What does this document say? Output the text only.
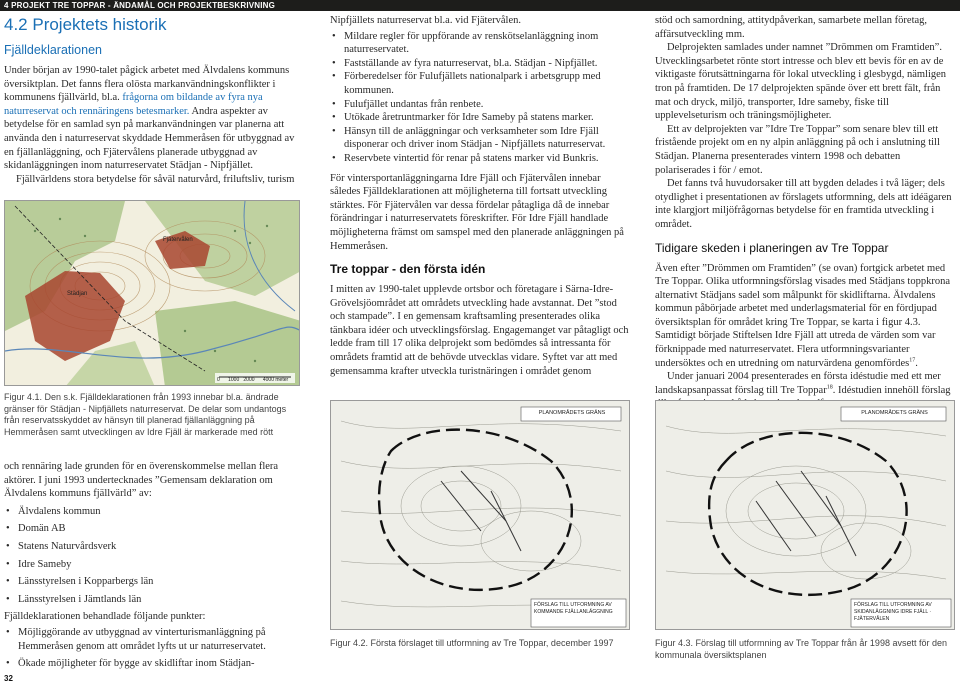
4 PROJEKT TRE TOPPAR - ÄNDAMÅL OCH PROJEKTBESKRIVNING
4.2 Projektets historik
Fjälldeklarationen

Under början av 1990-talet pågick arbetet med Älvdalens kommuns översiktplan. Det fanns flera olösta markanvändningskonflikter i kommunens fjällvärld, bl.a. frågorna om bildande av fyra nya naturreservat och rennäringens betesmarker. Andra aspekter av betydelse för en samlad syn på markanvändningen var planerna att använda den i naturreservat skyddade Hemmeråsen för utbyggnad av en fjällanläggning, och Fjätervålens planerade utbyggnad av skidanläggningen inom naturreservatet Städjan - Nipfjället.

Fjällvärldens stora betydelse för såväl naturvård, friluftsliv, turism

Fjätervålen
Städjan
0      1000   2000      4000 meter
Figur 4.1. Den s.k. Fjälldeklarationen från 1993 innebar bl.a. ändrade gränser för Städjan - Nipfjällets naturreservat. De delar som undantogs från reservatsskyddet av hänsyn till planerad fjällanläggning på Hemmeråsen samt utvecklingen av Idre Fjäll är markerade med rött

och rennäring lade grunden för en överenskommelse mellan flera aktörer. I juni 1993 undertecknades ”Gemensam deklaration om Älvdalens kommuns fjällvärld” av:

• Älvdalens kommun
• Domän AB
• Statens Naturvårdsverk
• Idre Sameby
• Länsstyrelsen i Kopparbergs län
• Länsstyrelsen i Jämtlands län

Fjälldeklarationen behandlade följande punkter:

• Möjliggörande av utbyggnad av vinterturismanläggning på Hemmeråsen genom att området lyfts ut ur naturreservatet.
• Ökade möjligheter för bygge av skidliftar inom Städjan-

Nipfjällets naturreservat bl.a. vid Fjätervålen.

• Mildare regler för uppförande av renskötselanläggning inom naturreservatet.
• Fastställande av fyra naturreservat, bl.a. Städjan - Nipfjället.
• Förberedelser för Fulufjällets nationalpark i arbetsgrupp med kommunen.
• Fulufjället undantas från renbete.
• Utökade åretruntmarker för Idre Sameby på statens marker.
• Hänsyn till de anläggningar och verksamheter som Idre Fjäll disponerar och driver inom Städjan - Nipfjällets naturreservat.
• Reservbete vintertid för renar på statens marker vid Bunkris.

För vintersportanläggningarna Idre Fjäll och Fjätervålen innebar således Fjälldeklarationen att möjligheterna till fortsatt utveckling stärktes. För Fjätervålen var dessa fördelar påtagliga då de innebar förändringar i naturreservatets föreskrifter. För Idre Fjäll handlade möjligheterna främst om samspel med den planerade anläggningen på Hemmeråsen.

Tre toppar - den första idén

I mitten av 1990-talet upplevde ortsbor och företagare i Särna-Idre-Grövelsjöområdet att områdets utveckling hade avstannat. Det ”stod och stampade”. I en gemensam kraftsamling presenterades olika tänkbara idéer och utvecklingsförslag. Engagemanget var påtagligt och ledde fram till 17 olika delprojekt som bedömdes så intressanta för områdets framtid att de behövde utvecklas vidare. Syftet var att med gemensamma krafter utveckla turistnäringen i området genom

stöd och samordning, attitydpåverkan, samarbete mellan företag, affärsutveckling mm.

Delprojekten samlades under namnet ”Drömmen om Framtiden”. Utvecklingsarbetet rönte stort intresse och blev ett bevis för en av de viktigaste förutsättningarna för lokal utveckling i glesbygd, nämligen tron på framtiden. De 17 delprojekten spände över ett brett fält, från mat och dryck, miljö, transporter, Idre sameby, fiske till upplevelseturism och träningsmöjligheter.

Ett av delprojekten var ”Idre Tre Toppar” som senare blev till ett fristående projekt om en ny alpin anläggning på och i anslutning till Städjan. Planerna presenterades vintern 1998 och debatten polariserades i för / emot.

Det fanns två huvudorsaker till att bygden delades i två läger; dels otydlighet i presentationen av förslagets utformning, dels att idéägaren inte klargjort miljöfrågornas betydelse för en framtida utveckling i området.

Tidigare skeden i planeringen av Tre Toppar

Även efter ”Drömmen om Framtiden” (se ovan) fortgick arbetet med Tre Toppar. Olika utformningsförslag visades med Städjans toppkrona alternativt Städjans sadel som målpunkt för skidliftarna. Älvdalens kommun påbörjade arbetet med underlagsmaterial för en fördjupad översiktsplan för området kring Tre Toppar, se karta i figur 4.3. Samtidigt började Stiftelsen Idre Fjäll att utreda de värden som var förknippade med naturreservatet. Flera utformningsvarianter undersöktes och en utredning om naturvärdena genomfördes$^{17}$.

Under januari 2004 presenterades en första idéstudie med ett mer landskapsanpassat förslag till Tre Toppar$^{18}$. Idéstudien innehöll förslag

PLANOMRÅDETS GRÄNS
FÖRSLAG TILL UTFORMNING AV KOMMANDE FJÄLLANLÄGGNING
Figur 4.2. Första förslaget till utformning av Tre Toppar, december 1997
PLANOMRÅDETS GRÄNS
FÖRSLAG TILL UTFORMNING AV SKIDANLÄGGNING IDRE FJÄLL · FJÄTERVÅLEN
Figur 4.3. Förslag till utformning av Tre Toppar från år 1998 avsett för den kommunala översiktsplanen
32
